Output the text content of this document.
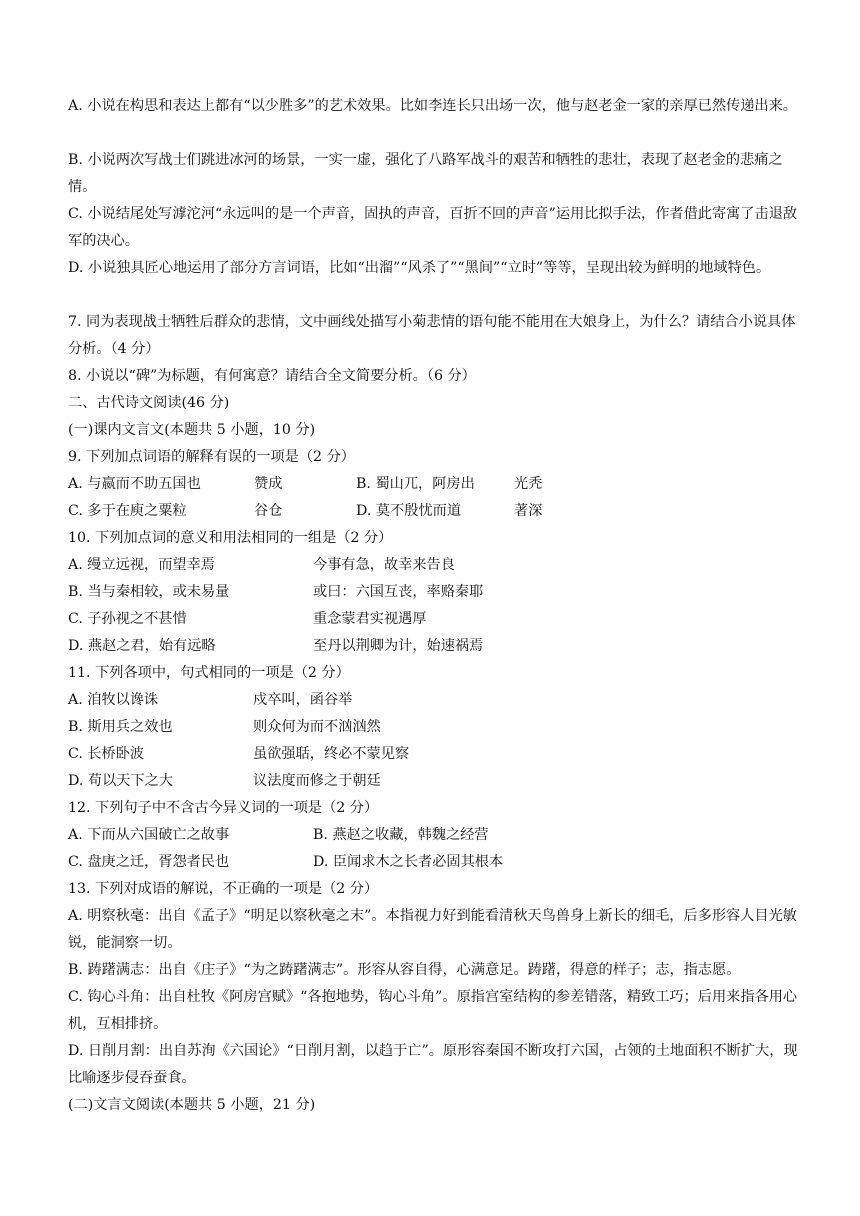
A. 小说在构思和表达上都有“以少胜多”的艺术效果。比如李连长只出场一次，他与赵老金一家的亲厚已然传递出来。
B. 小说两次写战士们跳进冰河的场景，一实一虚，强化了八路军战斗的艰苦和牺牲的悲壮，表现了赵老金的悲痛之情。
C. 小说结尾处写滹沱河“永远叫的是一个声音，固执的声音，百折不回的声音”运用比拟手法，作者借此寄寓了击退敌军的决心。
D. 小说独具匠心地运用了部分方言词语，比如“出溜”“风杀了”“黑间”“立时”等等，呈现出较为鲜明的地域特色。
7. 同为表现战士牺牲后群众的悲情，文中画线处描写小菊悲情的语句能不能用在大娘身上，为什么？请结合小说具体分析。（4 分）
8. 小说以“碑”为标题，有何寓意？请结合全文简要分析。（6 分）
二、古代诗文阅读(46 分)
(一)课内文言文(本题共 5 小题，10 分)
9. 下列加点词语的解释有误的一项是（2 分）
A. 与嬴而不助五国也	赞成	B. 蜀山兀，阿房出	光秃
C. 多于在庾之粟粒	谷仓	D. 莫不殷忧而道	著深
10. 下列加点词的意义和用法相同的一组是（2 分）
A. 缦立远视，而望幸焉	今事有急，故幸来告良
B. 当与秦相较，或未易量	或曰：六国互丧，率赂秦耶
C. 子孙视之不甚惜	重念蒙君实视遇厚
D. 燕赵之君，始有远略	至丹以荆卿为计，始速祸焉
11. 下列各项中，句式相同的一项是（2 分）
A. 洎牧以谗诛	戍卒叫，函谷举
B. 斯用兵之效也	则众何为而不汹汹然
C. 长桥卧波	虽欲强聒，终必不蒙见察
D. 苟以天下之大	议法度而修之于朝廷
12. 下列句子中不含古今异义词的一项是（2 分）
A. 下而从六国破亡之故事	B. 燕赵之收藏，韩魏之经营
C. 盘庚之迁，胥怨者民也	D. 臣闻求木之长者必固其根本
13. 下列对成语的解说，不正确的一项是（2 分）
A. 明察秋毫：出自《孟子》“明足以察秋毫之末”。本指视力好到能看清秋天鸟兽身上新长的细毛，后多形容人目光敏锐，能洞察一切。
B. 踌躇满志：出自《庄子》“为之踌躇满志”。形容从容自得，心满意足。踌躇，得意的样子；志，指志愿。
C. 钩心斗角：出自杜牧《阿房宫赋》“各抱地势，钩心斗角”。原指宫室结构的参差错落，精致工巧；后用来指各用心机，互相排挤。
D. 日削月割：出自苏洵《六国论》“日削月割，以趋于亡”。原形容秦国不断攻打六国，占领的土地面积不断扩大，现比喻逐步侵吞蚕食。
(二)文言文阅读(本题共 5 小题，21 分)
